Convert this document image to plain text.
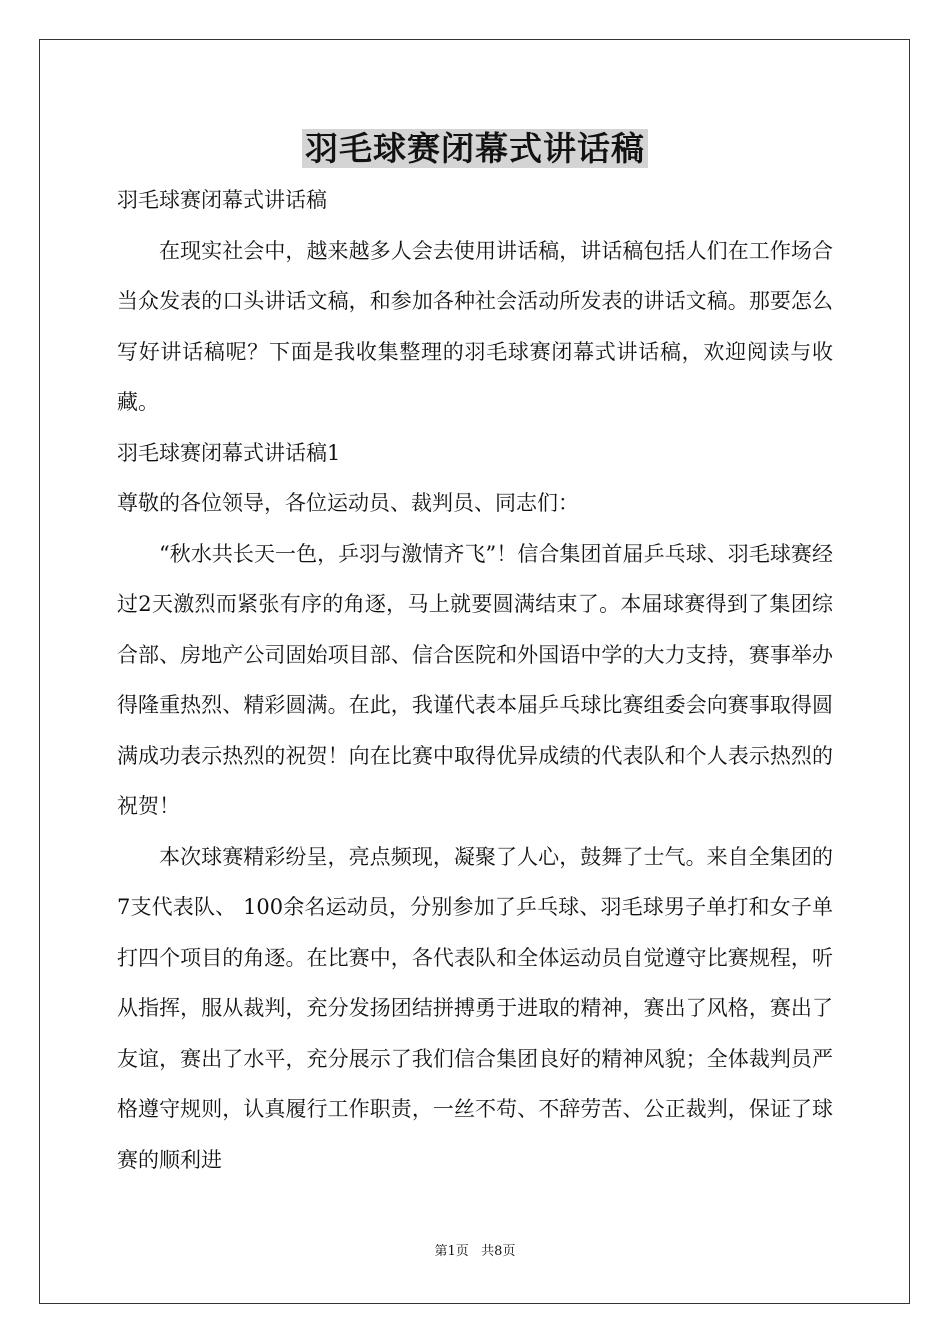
羽毛球赛闭幕式讲话稿

羽毛球赛闭幕式讲话稿

在现实社会中，越来越多人会去使用讲话稿，讲话稿包括人们在工作场合当众发表的口头讲话文稿，和参加各种社会活动所发表的讲话文稿。那要怎么写好讲话稿呢？下面是我收集整理的羽毛球赛闭幕式讲话稿，欢迎阅读与收藏。

羽毛球赛闭幕式讲话稿1

尊敬的各位领导，各位运动员、裁判员、同志们：

“秋水共长天一色，乒羽与激情齐飞”！信合集团首届乒乓球、羽毛球赛经过2天激烈而紧张有序的角逐，马上就要圆满结束了。本届球赛得到了集团综合部、房地产公司固始项目部、信合医院和外国语中学的大力支持，赛事举办得隆重热烈、精彩圆满。在此，我谨代表本届乒乓球比赛组委会向赛事取得圆满成功表示热烈的祝贺！向在比赛中取得优异成绩的代表队和个人表示热烈的祝贺！

本次球赛精彩纷呈，亮点频现，凝聚了人心，鼓舞了士气。来自全集团的7支代表队、 100余名运动员，分别参加了乒乓球、羽毛球男子单打和女子单打四个项目的角逐。在比赛中，各代表队和全体运动员自觉遵守比赛规程，听从指挥，服从裁判，充分发扬团结拼搏勇于进取的精神，赛出了风格，赛出了友谊，赛出了水平，充分展示了我们信合集团良好的精神风貌；全体裁判员严格遵守规则，认真履行工作职责，一丝不苟、不辞劳苦、公正裁判，保证了球赛的顺利进

第1页   共8页
